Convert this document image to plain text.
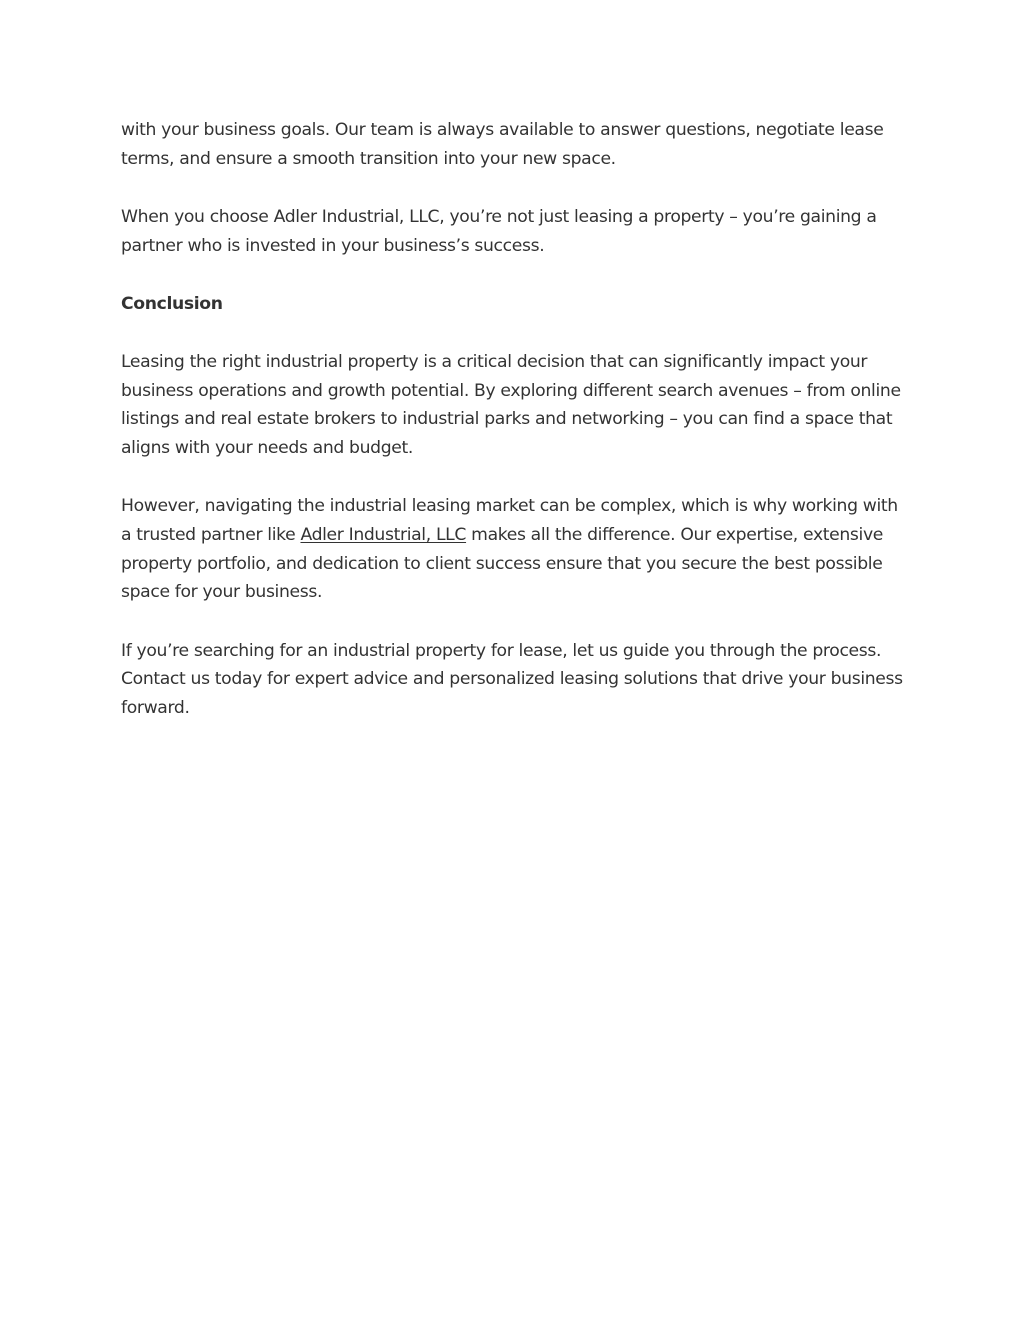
with your business goals. Our team is always available to answer questions, negotiate lease terms, and ensure a smooth transition into your new space.

When you choose Adler Industrial, LLC, you’re not just leasing a property – you’re gaining a partner who is invested in your business’s success.

Conclusion

Leasing the right industrial property is a critical decision that can significantly impact your business operations and growth potential. By exploring different search avenues – from online listings and real estate brokers to industrial parks and networking – you can find a space that aligns with your needs and budget.

However, navigating the industrial leasing market can be complex, which is why working with a trusted partner like Adler Industrial, LLC makes all the difference. Our expertise, extensive property portfolio, and dedication to client success ensure that you secure the best possible space for your business.

If you’re searching for an industrial property for lease, let us guide you through the process. Contact us today for expert advice and personalized leasing solutions that drive your business forward.
